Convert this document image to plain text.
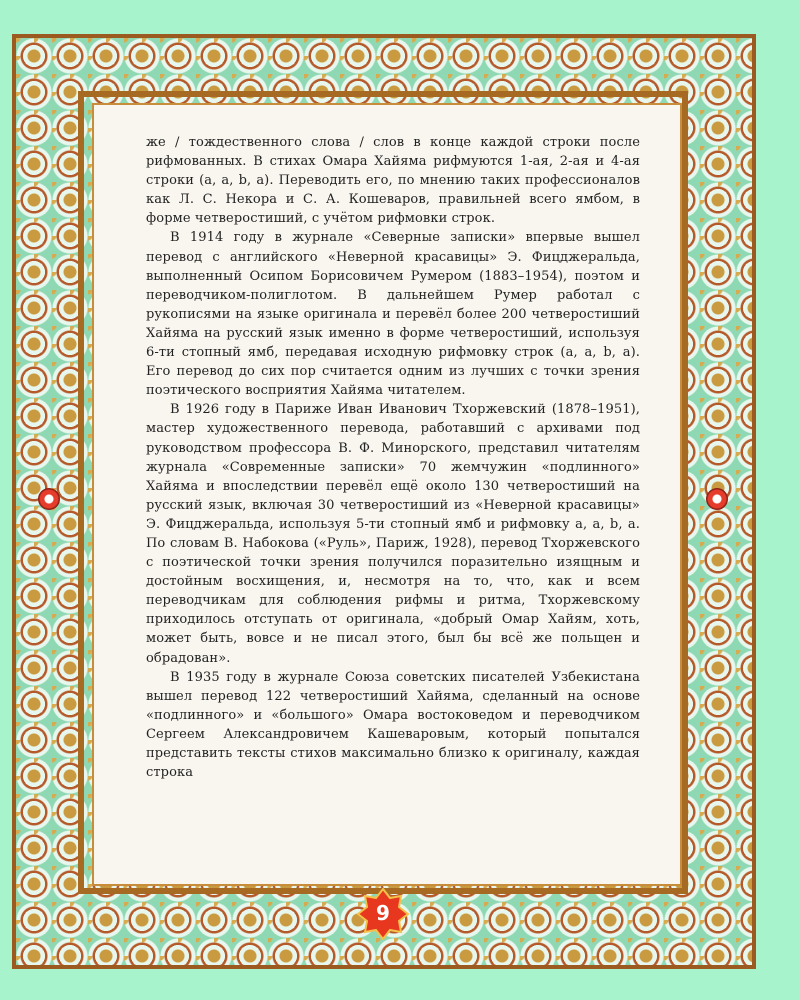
же / тождественного слова / слов в конце каждой строки после рифмованных. В стихах Омара Хайяма рифмуются 1-ая, 2-ая и 4-ая строки (a, a, b, a). Переводить его, по мнению таких профессионалов как Л. С. Некора и С. А. Кошеваров, правильней всего ямбом, в форме четверостиший, с учётом рифмовки строк.

В 1914 году в журнале «Северные записки» впервые вышел перевод с английского «Неверной красавицы» Э. Фицджеральда, выполненный Осипом Борисовичем Румером (1883–1954), поэтом и переводчиком-полиглотом. В дальнейшем Румер работал с рукописями на языке оригинала и перевёл более 200 четверостиший Хайяма на русский язык именно в форме четверостиший, используя 6-ти стопный ямб, передавая исходную рифмовку строк (a, a, b, a). Его перевод до сих пор считается одним из лучших с точки зрения поэтического восприятия Хайяма читателем.

В 1926 году в Париже Иван Иванович Тхоржевский (1878–1951), мастер художественного перевода, работавший с архивами под руководством профессора В. Ф. Минорского, представил читателям журнала «Современные записки» 70 жемчужин «подлинного» Хайяма и впоследствии перевёл ещё около 130 четверостиший на русский язык, включая 30 четверостиший из «Неверной красавицы» Э. Фицджеральда, используя 5-ти стопный ямб и рифмовку a, a, b, a. По словам В. Набокова («Руль», Париж, 1928), перевод Тхоржевского с поэтической точки зрения получился поразительно изящным и достойным восхищения, и, несмотря на то, что, как и всем переводчикам для соблюдения рифмы и ритма, Тхоржевскому приходилось отступать от оригинала, «добрый Омар Хайям, хоть, может быть, вовсе и не писал этого, был бы всё же польщен и обрадован».

В 1935 году в журнале Союза советских писателей Узбекистана вышел перевод 122 четверостиший Хайяма, сделанный на основе «подлинного» и «большого» Омара востоковедом и переводчиком Сергеем Александровичем Кашеваровым, который попытался представить тексты стихов максимально близко к оригиналу, каждая строка

9
